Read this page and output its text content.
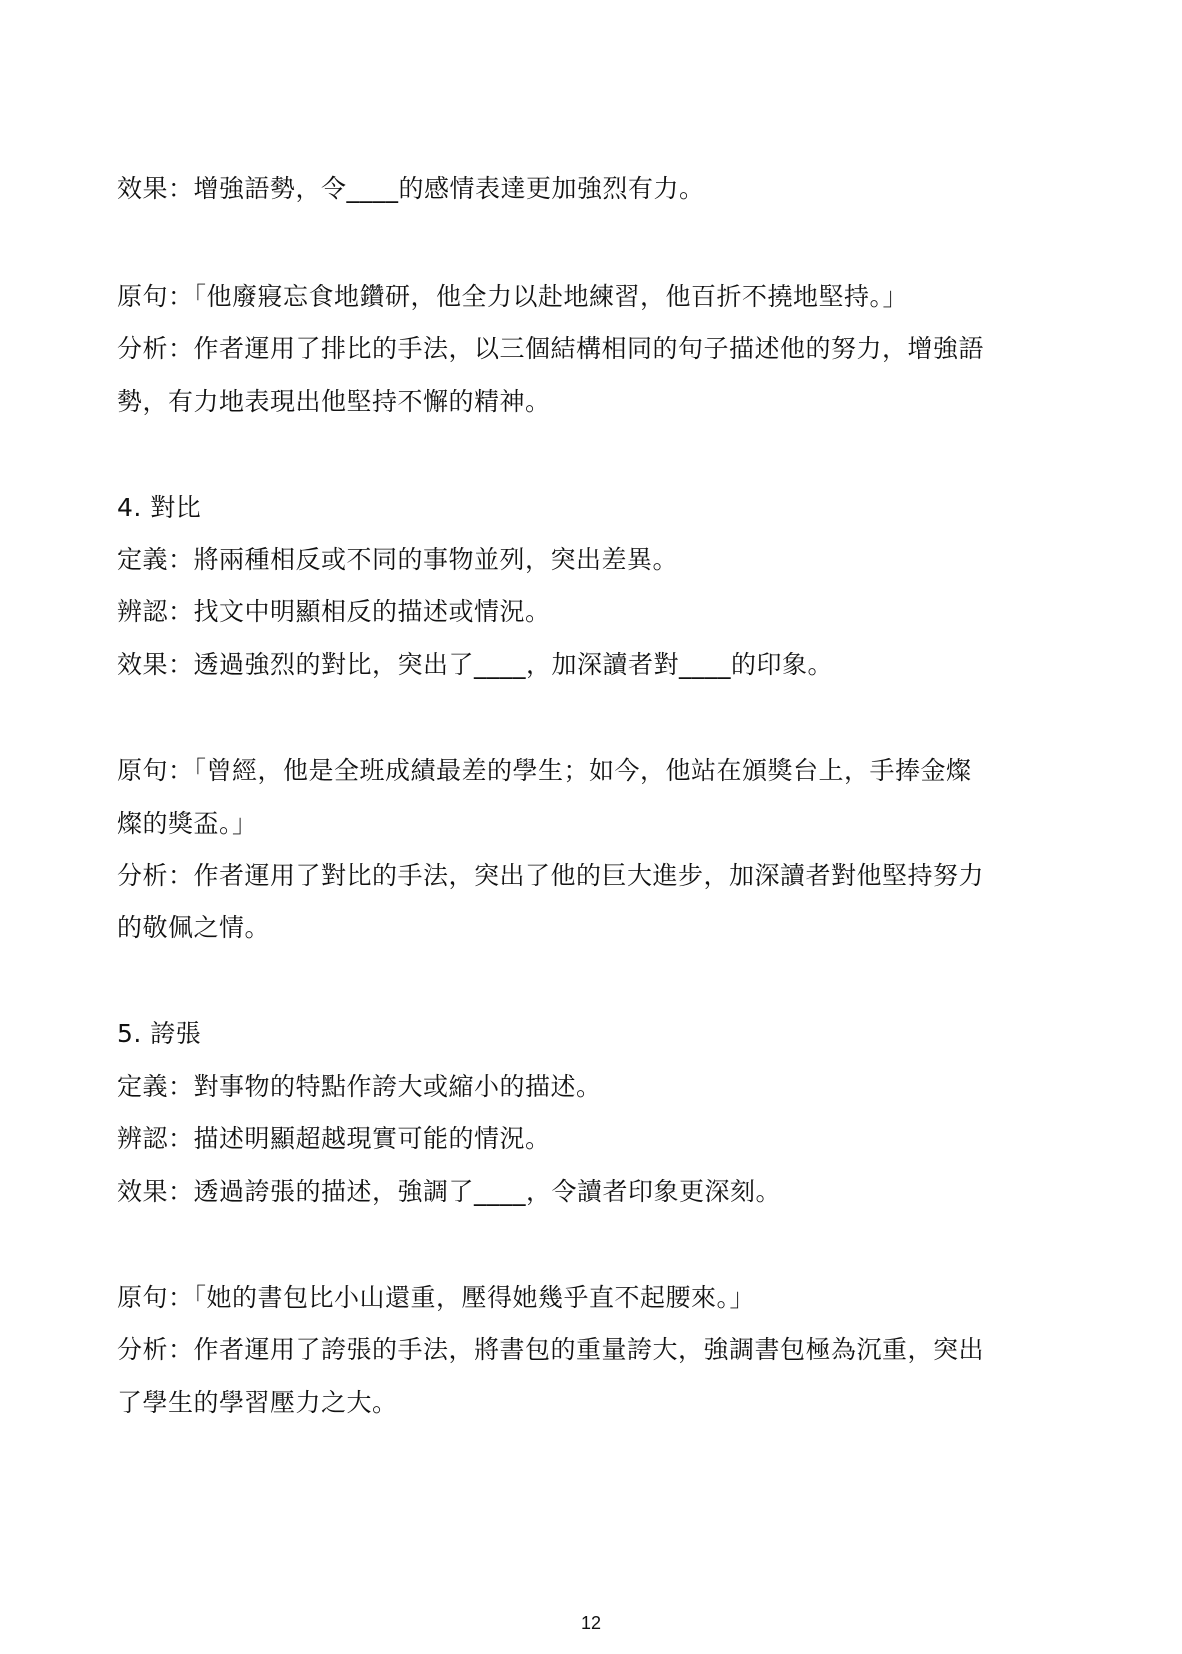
效果：增強語勢，令____的感情表達更加強烈有力。
原句：「他廢寢忘食地鑽研，他全力以赴地練習，他百折不撓地堅持。」
分析：作者運用了排比的手法，以三個結構相同的句子描述他的努力，增強語
勢，有力地表現出他堅持不懈的精神。
4. 對比
定義：將兩種相反或不同的事物並列，突出差異。
辨認：找文中明顯相反的描述或情況。
效果：透過強烈的對比，突出了____，加深讀者對____的印象。
原句：「曾經，他是全班成績最差的學生；如今，他站在頒獎台上，手捧金燦
燦的獎盃。」
分析：作者運用了對比的手法，突出了他的巨大進步，加深讀者對他堅持努力
的敬佩之情。
5. 誇張
定義：對事物的特點作誇大或縮小的描述。
辨認：描述明顯超越現實可能的情況。
效果：透過誇張的描述，強調了____，令讀者印象更深刻。
原句：「她的書包比小山還重，壓得她幾乎直不起腰來。」
分析：作者運用了誇張的手法，將書包的重量誇大，強調書包極為沉重，突出
了學生的學習壓力之大。
12
